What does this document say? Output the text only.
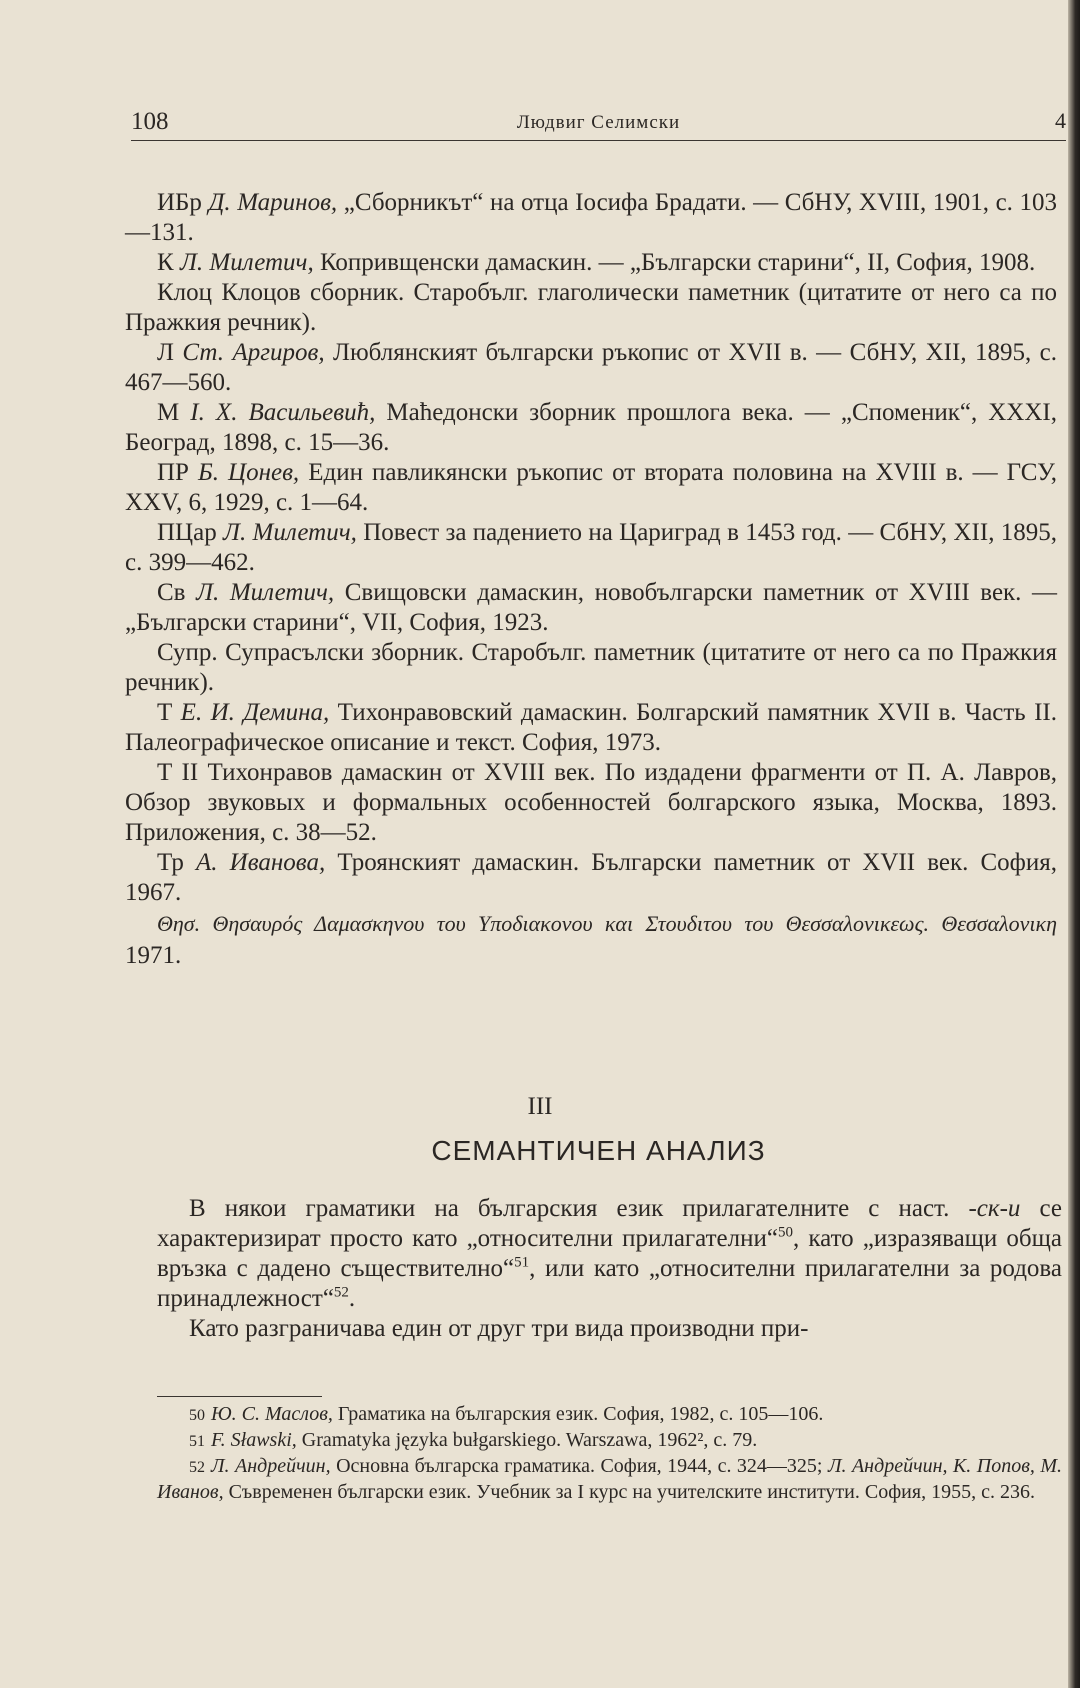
108	Людвиг Селимски	4
ИБр Д. Маринов, „Сборникът“ на отца Iосифа Брадати. — СбНУ, XVIII, 1901, с. 103—131.
К Л. Милетич, Копривщенски дамаскин. — „Български старини“, II, София, 1908.
Клоц Клоцов сборник. Старобълг. глаголически паметник (цитатите от него са по Пражкия речник).
Л Ст. Аргиров, Люблянският български ръкопис от XVII в. — СбНУ, XII, 1895, с. 467—560.
М I. Х. Васильевић, Маћедонски зборник прошлога века. — „Споменик“, XXXI, Београд, 1898, с. 15—36.
ПР Б. Цонев, Един павликянски ръкопис от втората половина на XVIII в. — ГСУ, XXV, 6, 1929, с. 1—64.
ПЦар Л. Милетич, Повест за падението на Цариград в 1453 год. — СбНУ, XII, 1895, с. 399—462.
Св Л. Милетич, Свищовски дамаскин, новобългарски паметник от XVIII век. — „Български старини“, VII, София, 1923.
Супр. Супрасълски зборник. Старобълг. паметник (цитатите от него са по Пражкия речник).
Т Е. И. Демина, Тихонравовский дамаскин. Болгарский памятник XVII в. Часть II. Палеографическое описание и текст. София, 1973.
Т II Тихонравов дамаскин от XVIII век. По издадени фрагменти от П. А. Лавров, Обзор звуковых и формальных особенностей болгарского языка, Москва, 1893. Приложения, с. 38—52.
Тр А. Иванова, Троянският дамаскин. Български паметник от XVII век. София, 1967.
Θησ. Θησαυρός Δαμασκηνου του Υποδιακονου και Στουδιτου του Θεσσαλονικεως. Θεσσαλονικη 1971.
III
СЕМАНТИЧЕН АНАЛИЗ

В някои граматики на българския език прилагателните с наст. -ск-и се характеризират просто като „относителни прилагателни“$^{50}$, като „изразяващи обща връзка с дадено съществително“$^{51}$, или като „относителни прилагателни за родова принадлежност“$^{52}$.

Като разграничава един от друг три вида производни при-

50 Ю. С. Маслов, Граматика на българския език. София, 1982, с. 105—106.
51 F. Sławski, Gramatyka języka bułgarskiego. Warszawa, 1962², с. 79.
52 Л. Андрейчин, Основна българска граматика. София, 1944, с. 324—325; Л. Андрейчин, К. Попов, М. Иванов, Съвременен български език. Учебник за I курс на учителските институти. София, 1955, с. 236.
